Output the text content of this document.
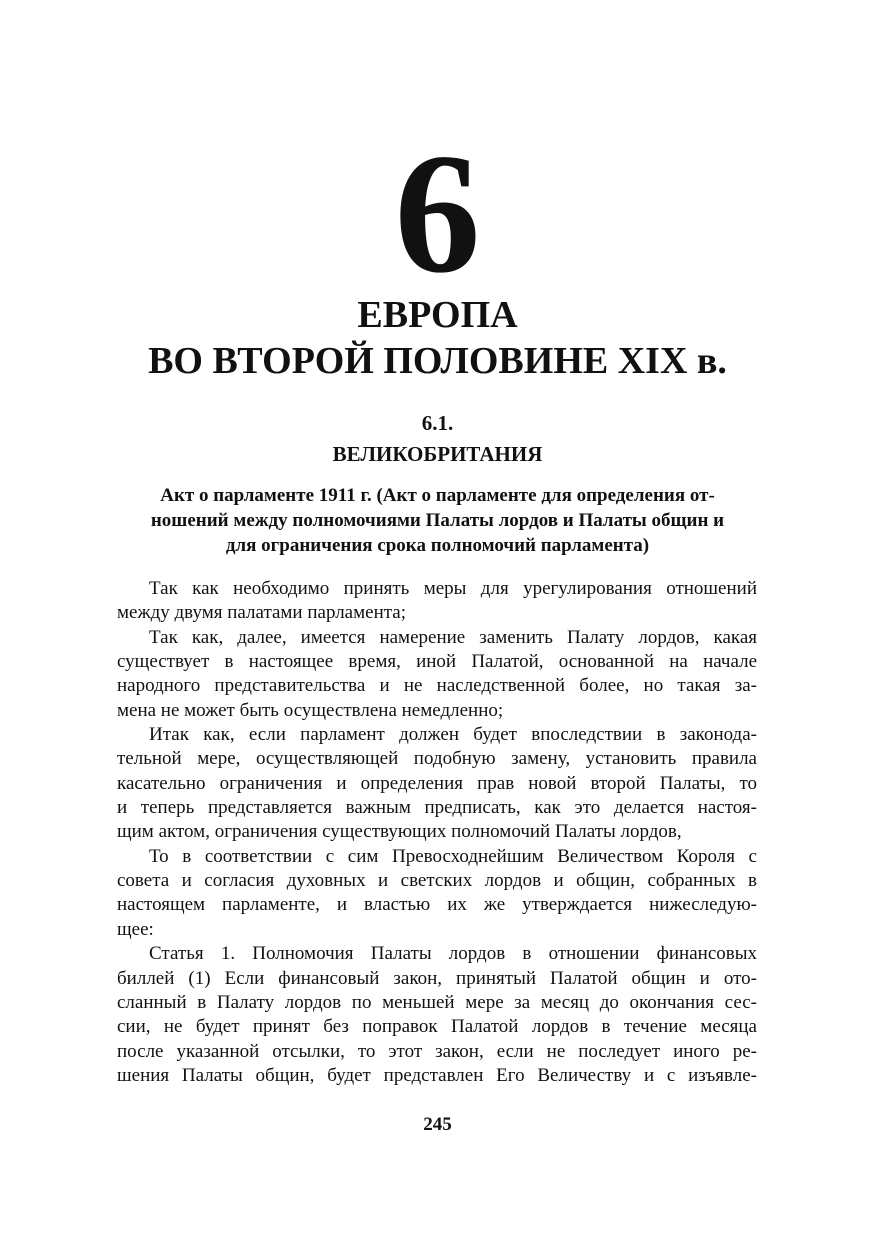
6
ЕВРОПА
ВО ВТОРОЙ ПОЛОВИНЕ XIX в.
6.1.
ВЕЛИКОБРИТАНИЯ
Акт о парламенте 1911 г. (Акт о парламенте для определения от-
ношений между полномочиями Палаты лордов и Палаты общин и
для ограничения срока полномочий парламента)
Так как необходимо принять меры для урегулирования отношений
между двумя палатами парламента;
Так как, далее, имеется намерение заменить Палату лордов, какая
существует в настоящее время, иной Палатой, основанной на начале
народного представительства и не наследственной более, но такая за-
мена не может быть осуществлена немедленно;
Итак как, если парламент должен будет впоследствии в законода-
тельной мере, осуществляющей подобную замену, установить правила
касательно ограничения и определения прав новой второй Палаты, то
и теперь представляется важным предписать, как это делается настоя-
щим актом, ограничения существующих полномочий Палаты лордов,
То в соответствии с сим Превосходнейшим Величеством Короля с
совета и согласия духовных и светских лордов и общин, собранных в
настоящем парламенте, и властью их же утверждается нижеследую-
щее:
Статья 1. Полномочия Палаты лордов в отношении финансовых
биллей (1) Если финансовый закон, принятый Палатой общин и ото-
сланный в Палату лордов по меньшей мере за месяц до окончания сес-
сии, не будет принят без поправок Палатой лордов в течение месяца
после указанной отсылки, то этот закон, если не последует иного ре-
шения Палаты общин, будет представлен Его Величеству и с изъявле-
245
